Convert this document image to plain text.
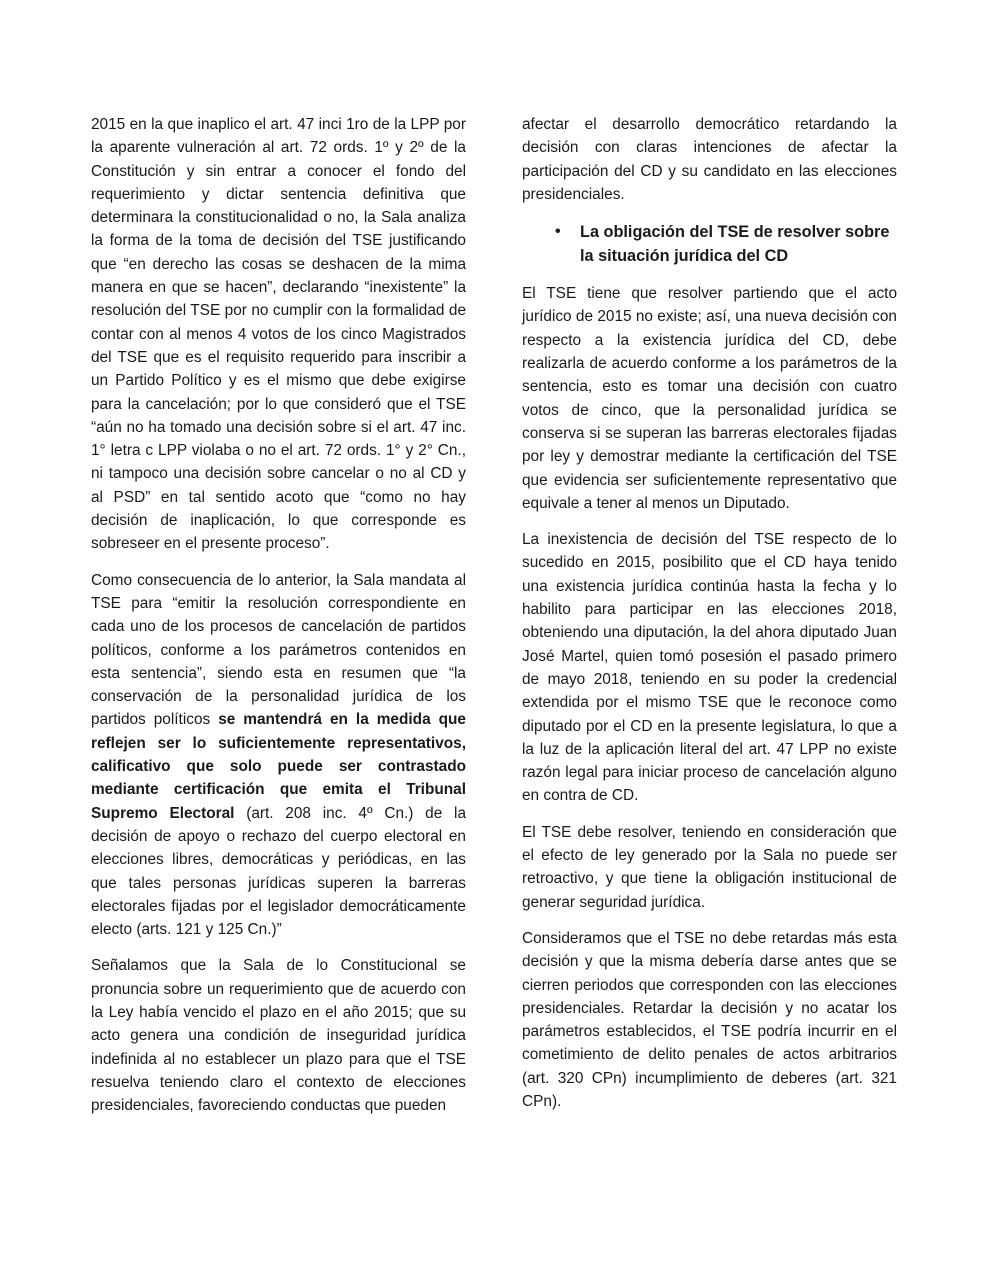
2015 en la que inaplico el art. 47 inci 1ro de la LPP por la aparente vulneración al art. 72 ords. 1º y 2º de la Constitución y sin entrar a conocer el fondo del requerimiento y dictar sentencia definitiva que determinara la constitucionalidad o no, la Sala analiza la forma de la toma de decisión del TSE justificando que “en derecho las cosas se deshacen de la mima manera en que se hacen”, declarando “inexistente” la resolución del TSE por no cumplir con la formalidad de contar con al menos 4 votos de los cinco Magistrados del TSE que es el requisito requerido para inscribir a un Partido Político y es el mismo que debe exigirse para la cancelación; por lo que consideró que el TSE “aún no ha tomado una decisión sobre si el art. 47 inc. 1° letra c LPP violaba o no el art. 72 ords. 1° y 2° Cn., ni tampoco una decisión sobre cancelar o no al CD y al PSD” en tal sentido acoto que “como no hay decisión de inaplicación, lo que corresponde es sobreseer en el presente proceso”.

Como consecuencia de lo anterior, la Sala mandata al TSE para “emitir la resolución correspondiente en cada uno de los procesos de cancelación de partidos políticos, conforme a los parámetros contenidos en esta sentencia”, siendo esta en resumen que “la conservación de la personalidad jurídica de los partidos políticos se mantendrá en la medida que reflejen ser lo suficientemente representativos, calificativo que solo puede ser contrastado mediante certificación que emita el Tribunal Supremo Electoral (art. 208 inc. 4º Cn.) de la decisión de apoyo o rechazo del cuerpo electoral en elecciones libres, democráticas y periódicas, en las que tales personas jurídicas superen la barreras electorales fijadas por el legislador democráticamente electo (arts. 121 y 125 Cn.)”

Señalamos que la Sala de lo Constitucional se pronuncia sobre un requerimiento que de acuerdo con la Ley había vencido el plazo en el año 2015; que su acto genera una condición de inseguridad jurídica indefinida al no establecer un plazo para que el TSE resuelva teniendo claro el contexto de elecciones presidenciales, favoreciendo conductas que pueden

afectar el desarrollo democrático retardando la decisión con claras intenciones de afectar la participación del CD y su candidato en las elecciones presidenciales.

•	La obligación del TSE de resolver sobre la situación jurídica del CD

El TSE tiene que resolver partiendo que el acto jurídico de 2015 no existe; así, una nueva decisión con respecto a la existencia jurídica del CD, debe realizarla de acuerdo conforme a los parámetros de la sentencia, esto es tomar una decisión con cuatro votos de cinco, que la personalidad jurídica se conserva si se superan las barreras electorales fijadas por ley y demostrar mediante la certificación del TSE que evidencia ser suficientemente representativo que equivale a tener al menos un Diputado.

La inexistencia de decisión del TSE respecto de lo sucedido en 2015, posibilito que el CD haya tenido una existencia jurídica continúa hasta la fecha y lo habilito para participar en las elecciones 2018, obteniendo una diputación, la del ahora diputado Juan José Martel, quien tomó posesión el pasado primero de mayo 2018, teniendo en su poder la credencial extendida por el mismo TSE que le reconoce como diputado por el CD en la presente legislatura, lo que a la luz de la aplicación literal del art. 47 LPP no existe razón legal para iniciar proceso de cancelación alguno en contra de CD.

El TSE debe resolver, teniendo en consideración que el efecto de ley generado por la Sala no puede ser retroactivo, y que tiene la obligación institucional de generar seguridad jurídica.

Consideramos que el TSE no debe retardas más esta decisión y que la misma debería darse antes que se cierren periodos que corresponden con las elecciones presidenciales. Retardar la decisión y no acatar los parámetros establecidos, el TSE podría incurrir en el cometimiento de delito penales de actos arbitrarios (art. 320 CPn) incumplimiento de deberes (art. 321 CPn).
